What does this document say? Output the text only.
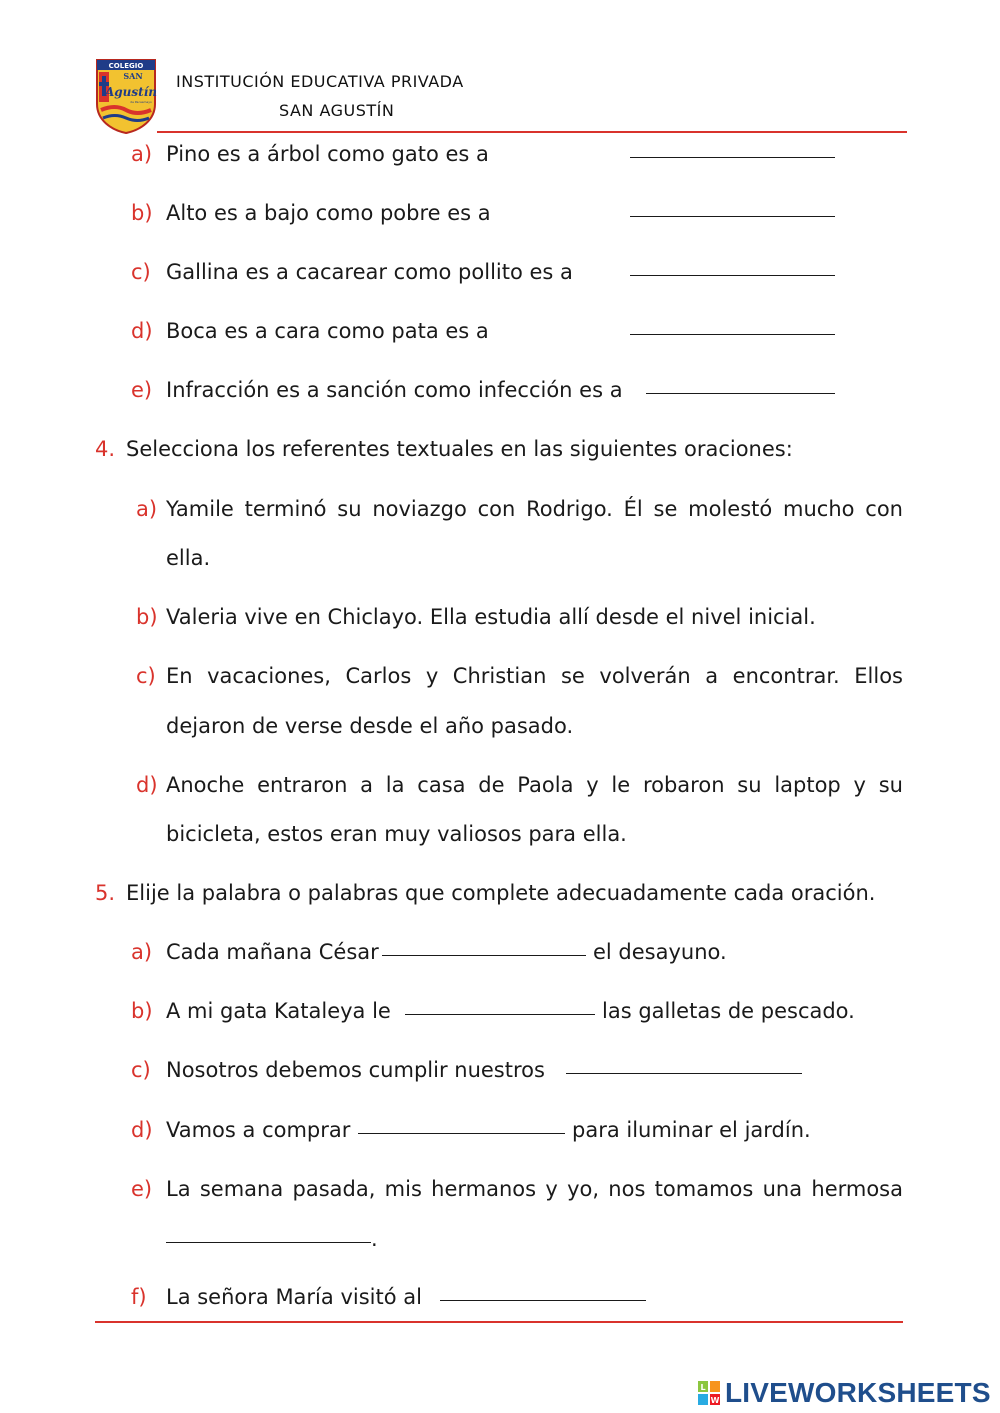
COLEGIO
SAN
Agustín
de Pacasmayo
INSTITUCIÓN EDUCATIVA PRIVADA
SAN AGUSTÍN
a) Pino es a árbol como gato es a
b) Alto es a bajo como pobre es a
c) Gallina es a cacarear como pollito es a
d) Boca es a cara como pata es a
e) Infracción es a sanción como infección es a
4. Selecciona los referentes textuales en las siguientes oraciones:
a) Yamile terminó su noviazgo con Rodrigo. Él se molestó mucho con
ella.
b) Valeria vive en Chiclayo. Ella estudia allí desde el nivel inicial.
c) En vacaciones, Carlos y Christian se volverán a encontrar. Ellos
dejaron de verse desde el año pasado.
d) Anoche entraron a la casa de Paola y le robaron su laptop y su
bicicleta, estos eran muy valiosos para ella.
5. Elije la palabra o palabras que complete adecuadamente cada oración.
a) Cada mañana César	el desayuno.
b) A mi gata Kataleya le	las galletas de pescado.
c) Nosotros debemos cumplir nuestros
d) Vamos a comprar	para iluminar el jardín.
e) La semana pasada, mis hermanos y yo, nos tomamos una hermosa
.
f) La señora María visitó al
L
W LIVEWORKSHEETS
